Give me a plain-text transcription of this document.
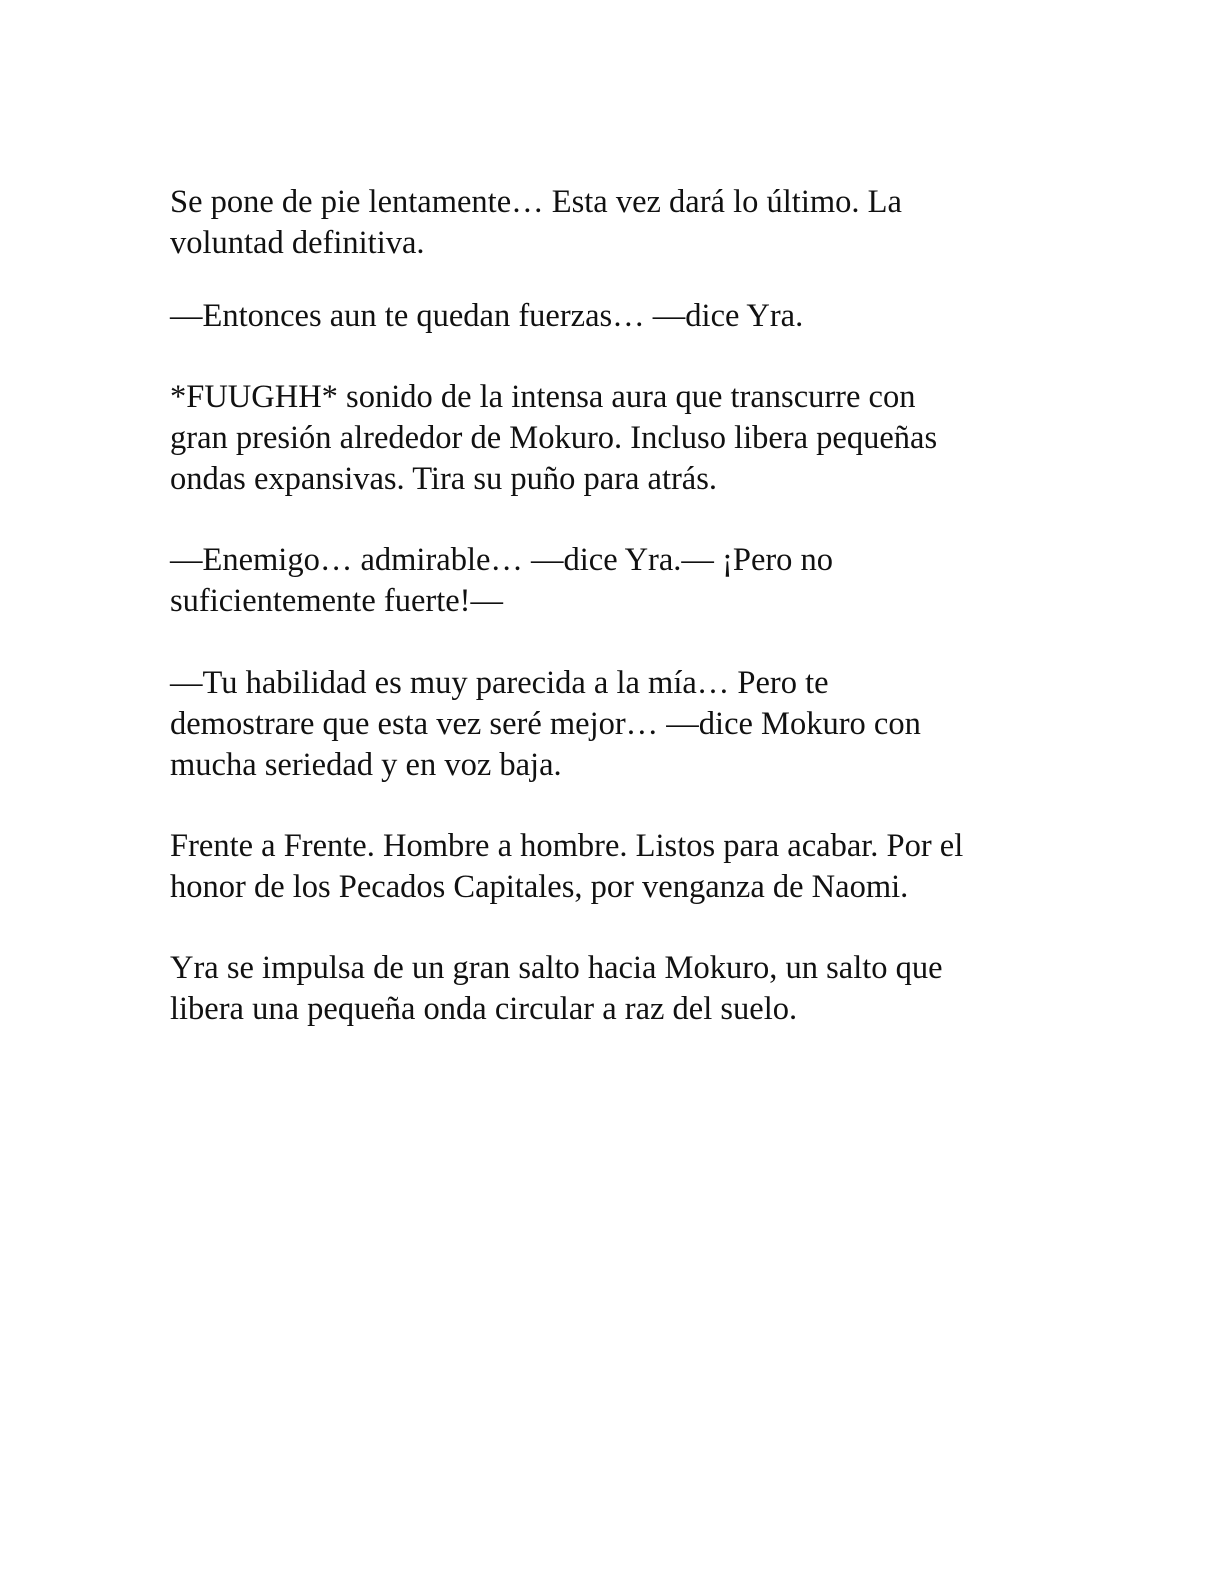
Se pone de pie lentamente… Esta vez dará lo último. La
voluntad definitiva.

—Entonces aun te quedan fuerzas… —dice Yra.

*FUUGHH* sonido de la intensa aura que transcurre con
gran presión alrededor de Mokuro. Incluso libera pequeñas
ondas expansivas. Tira su puño para atrás.

—Enemigo… admirable… —dice Yra.— ¡Pero no
suficientemente fuerte!—

—Tu habilidad es muy parecida a la mía… Pero te
demostrare que esta vez seré mejor… —dice Mokuro con
mucha seriedad y en voz baja.

Frente a Frente. Hombre a hombre. Listos para acabar. Por el
honor de los Pecados Capitales, por venganza de Naomi.

Yra se impulsa de un gran salto hacia Mokuro, un salto que
libera una pequeña onda circular a raz del suelo.
